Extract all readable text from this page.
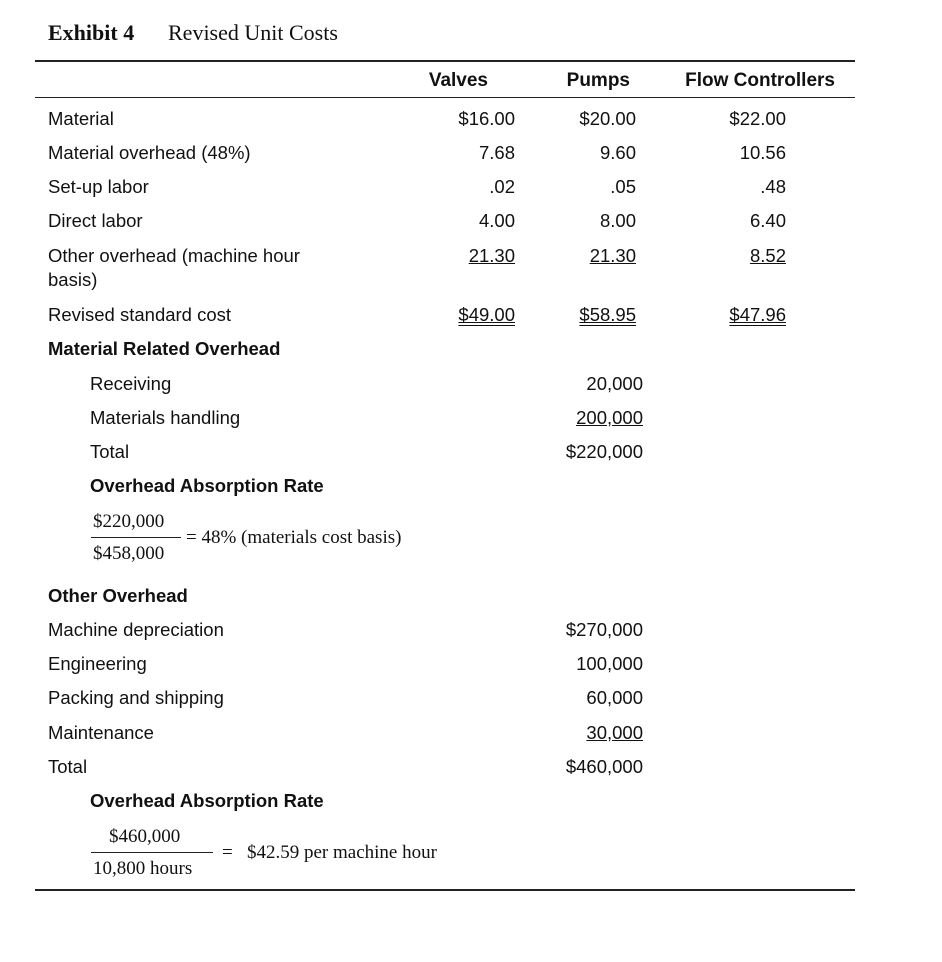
Exhibit 4 Revised Unit Costs
Valves	Pumps	Flow Controllers
Material	$16.00	$20.00	$22.00
Material overhead (48%)	7.68	9.60	10.56
Set-up labor	.02	.05	.48
Direct labor	4.00	8.00	6.40
Other overhead (machine hour
basis)
21.30	21.30	8.52
Revised standard cost	$49.00	$58.95	$47.96
Material Related Overhead
Receiving	20,000
Materials handling	200,000
Total	$220,000
Overhead Absorption Rate
$220,000
$458,000
= 48% (materials cost basis)
Other Overhead
Machine depreciation	$270,000
Engineering	100,000
Packing and shipping	60,000
Maintenance	30,000
Total	$460,000
Overhead Absorption Rate
$460,000
10,800 hours
= $42.59 per machine hour
